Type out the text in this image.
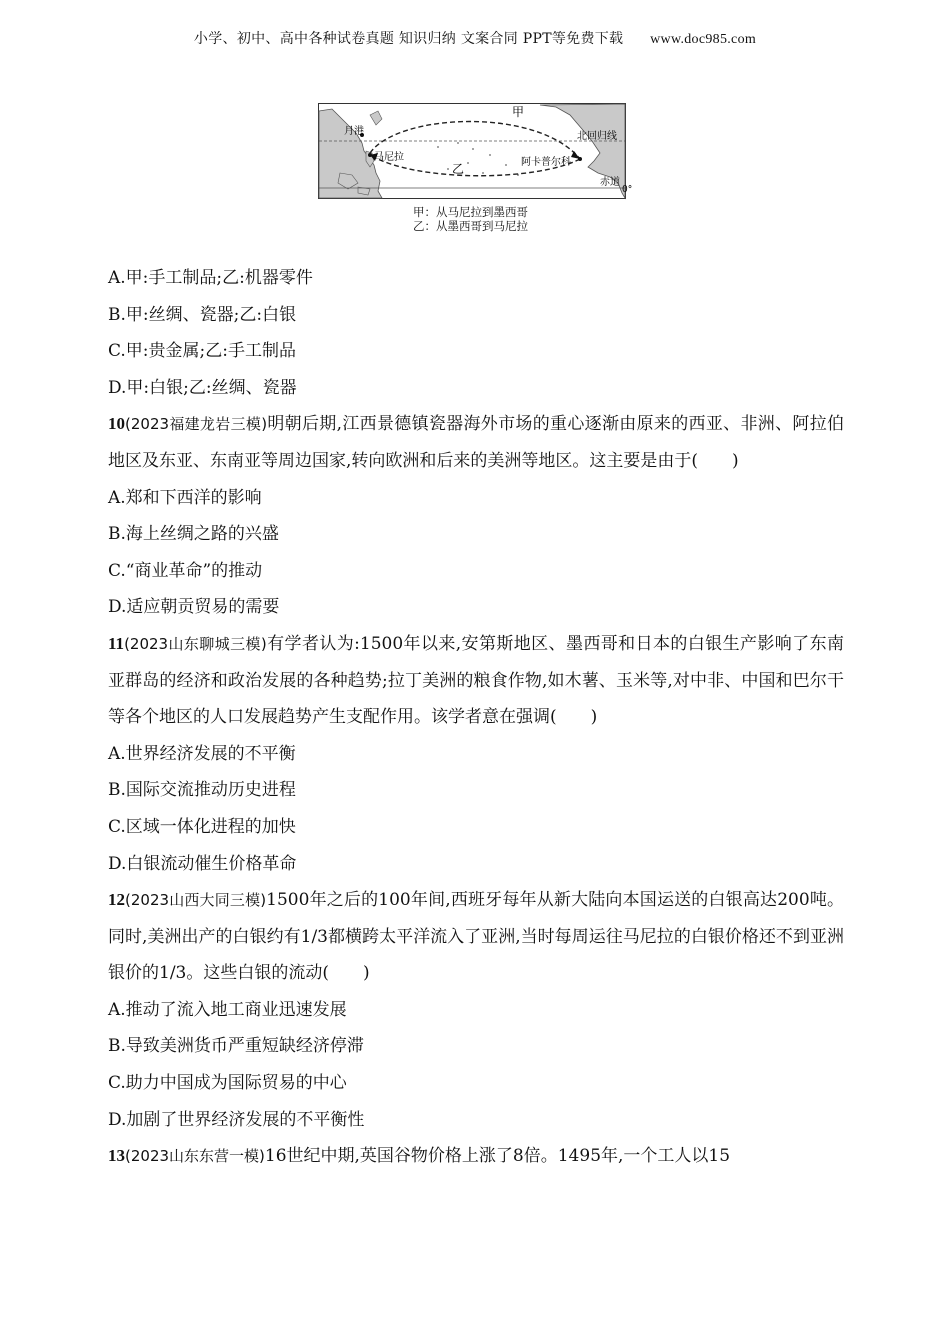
小学、初中、高中各种试卷真题 知识归纳 文案合同 PPT等免费下载 www.doc985.com
甲
月港
马尼拉
乙	阿卡普尔科
北回归线
赤道
0°
甲：从马尼拉到墨西哥
乙：从墨西哥到马尼拉
A.甲:手工制品;乙:机器零件
B.甲:丝绸、瓷器;乙:白银
C.甲:贵金属;乙:手工制品
D.甲:白银;乙:丝绸、瓷器
10(2023福建龙岩三模)明朝后期,江西景德镇瓷器海外市场的重心逐渐由原来的西亚、非洲、阿拉伯地区及东亚、东南亚等周边国家,转向欧洲和后来的美洲等地区。这主要是由于(　　)
A.郑和下西洋的影响
B.海上丝绸之路的兴盛
C.“商业革命”的推动
D.适应朝贡贸易的需要
11(2023山东聊城三模)有学者认为:1500年以来,安第斯地区、墨西哥和日本的白银生产影响了东南亚群岛的经济和政治发展的各种趋势;拉丁美洲的粮食作物,如木薯、玉米等,对中非、中国和巴尔干等各个地区的人口发展趋势产生支配作用。该学者意在强调(　　)
A.世界经济发展的不平衡
B.国际交流推动历史进程
C.区域一体化进程的加快
D.白银流动催生价格革命
12(2023山西大同三模)1500年之后的100年间,西班牙每年从新大陆向本国运送的白银高达200吨。同时,美洲出产的白银约有1/3都横跨太平洋流入了亚洲,当时每周运往马尼拉的白银价格还不到亚洲银价的1/3。这些白银的流动(　　)
A.推动了流入地工商业迅速发展
B.导致美洲货币严重短缺经济停滞
C.助力中国成为国际贸易的中心
D.加剧了世界经济发展的不平衡性
13(2023山东东营一模)16世纪中期,英国谷物价格上涨了8倍。1495年,一个工人以15
